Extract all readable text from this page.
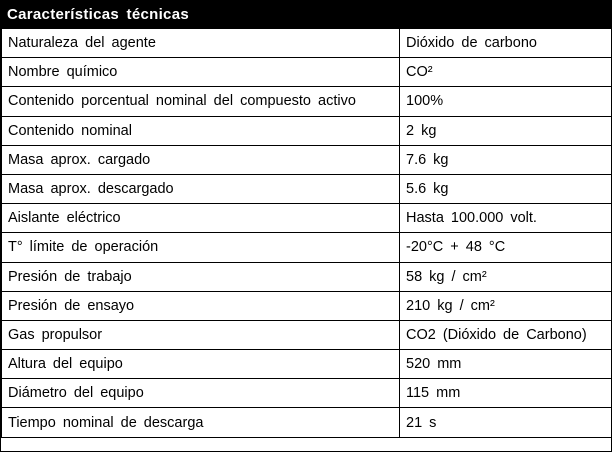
Características técnicas
Naturaleza del agente	Dióxido de carbono
Nombre químico	CO²
Contenido porcentual nominal del compuesto activo	100%
Contenido nominal	2 kg
Masa aprox. cargado	7.6 kg
Masa aprox. descargado	5.6 kg
Aislante eléctrico	Hasta 100.000 volt.
T° límite de operación	-20°C + 48 °C
Presión de trabajo	58 kg / cm²
Presión de ensayo	210 kg / cm²
Gas propulsor	CO2 (Dióxido de Carbono)
Altura del equipo	520 mm
Diámetro del equipo	115 mm
Tiempo nominal de descarga	21 s
